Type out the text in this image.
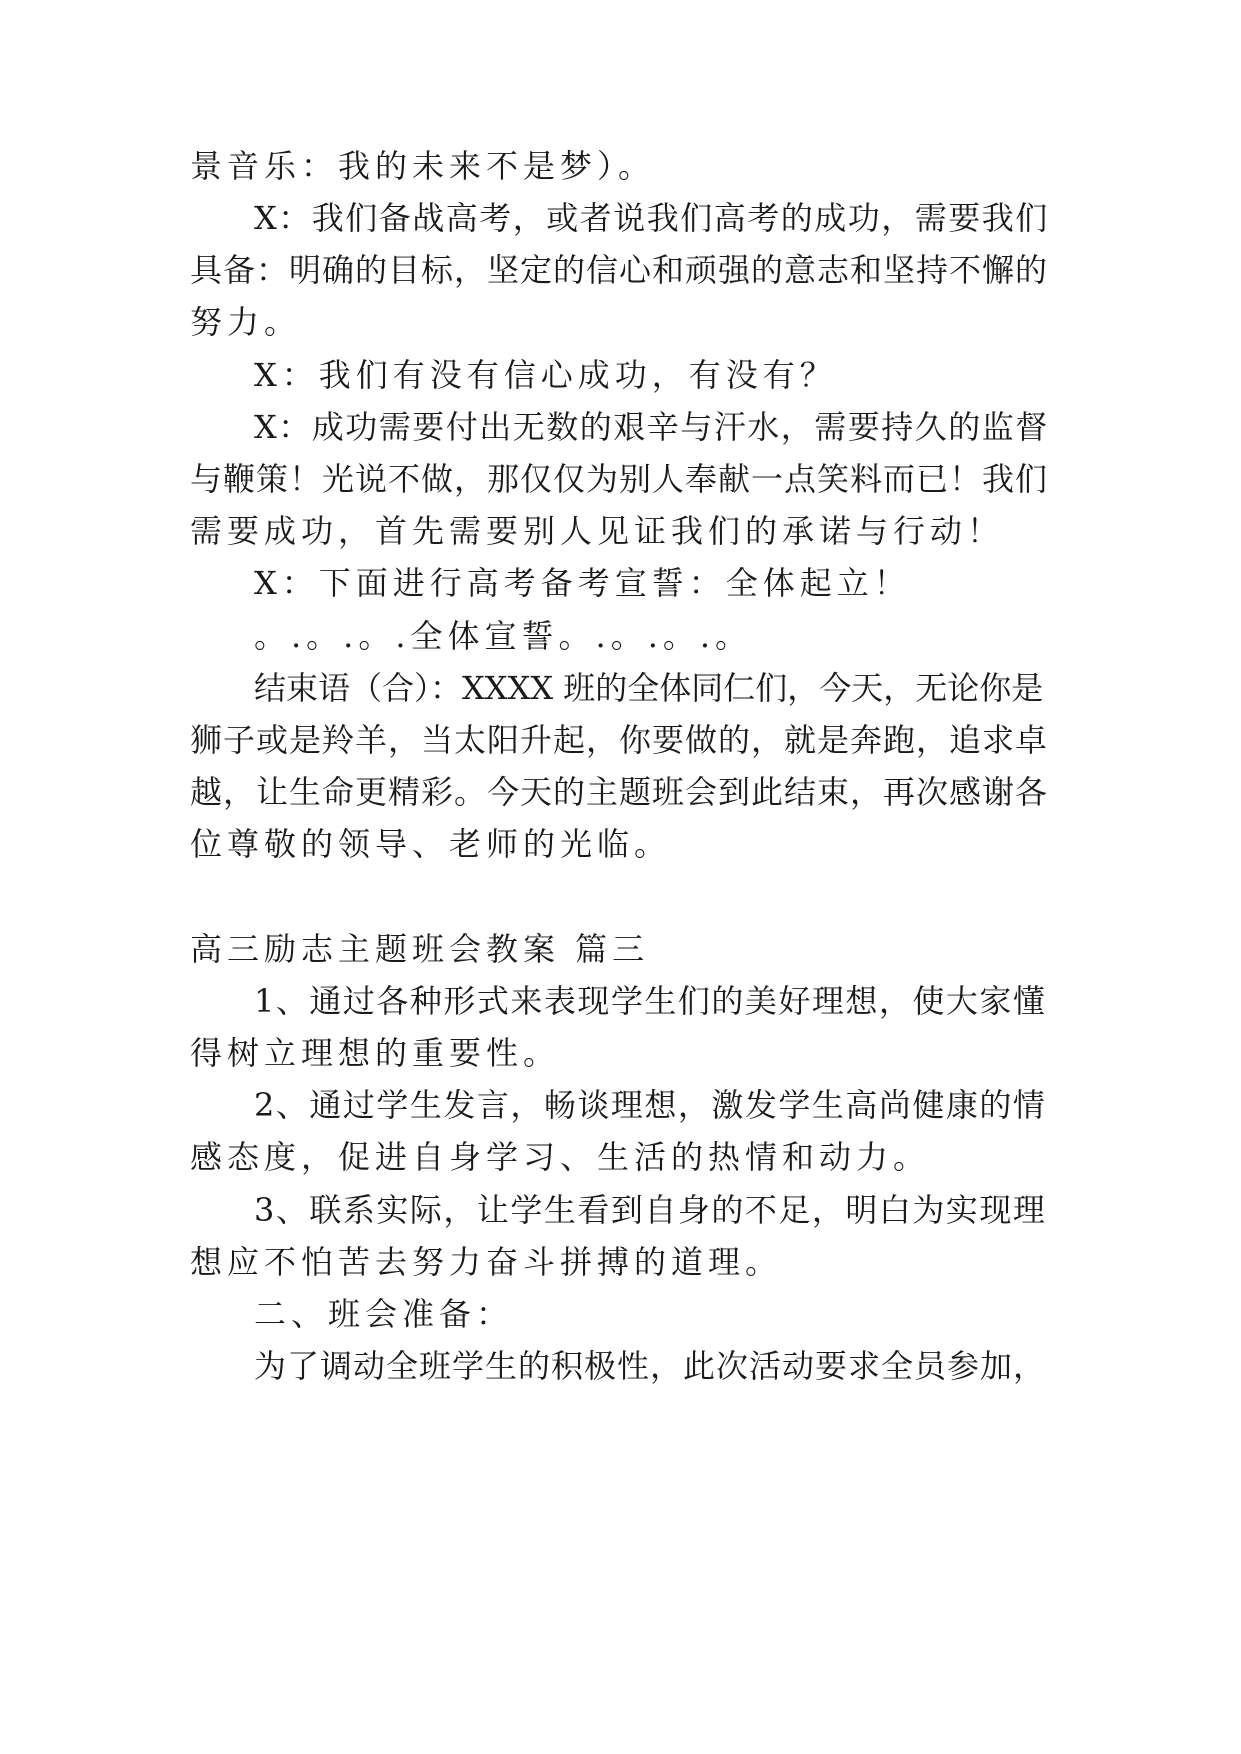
景音乐：我的未来不是梦）。
X：我们备战高考，或者说我们高考的成功，需要我们
具备：明确的目标，坚定的信心和顽强的意志和坚持不懈的
努力。
X：我们有没有信心成功，有没有？
X：成功需要付出无数的艰辛与汗水，需要持久的监督
与鞭策！光说不做，那仅仅为别人奉献一点笑料而已！我们
需要成功，首先需要别人见证我们的承诺与行动！
X：下面进行高考备考宣誓：全体起立！
。.。.。.全体宣誓。.。.。.。
结束语（合）：XXXX 班的全体同仁们，今天，无论你是
狮子或是羚羊，当太阳升起，你要做的，就是奔跑，追求卓
越，让生命更精彩。今天的主题班会到此结束，再次感谢各
位尊敬的领导、老师的光临。
高三励志主题班会教案 篇三
1、通过各种形式来表现学生们的美好理想，使大家懂
得树立理想的重要性。
2、通过学生发言，畅谈理想，激发学生高尚健康的情
感态度，促进自身学习、生活的热情和动力。
3、联系实际，让学生看到自身的不足，明白为实现理
想应不怕苦去努力奋斗拼搏的道理。
二、班会准备：
为了调动全班学生的积极性，此次活动要求全员参加，
